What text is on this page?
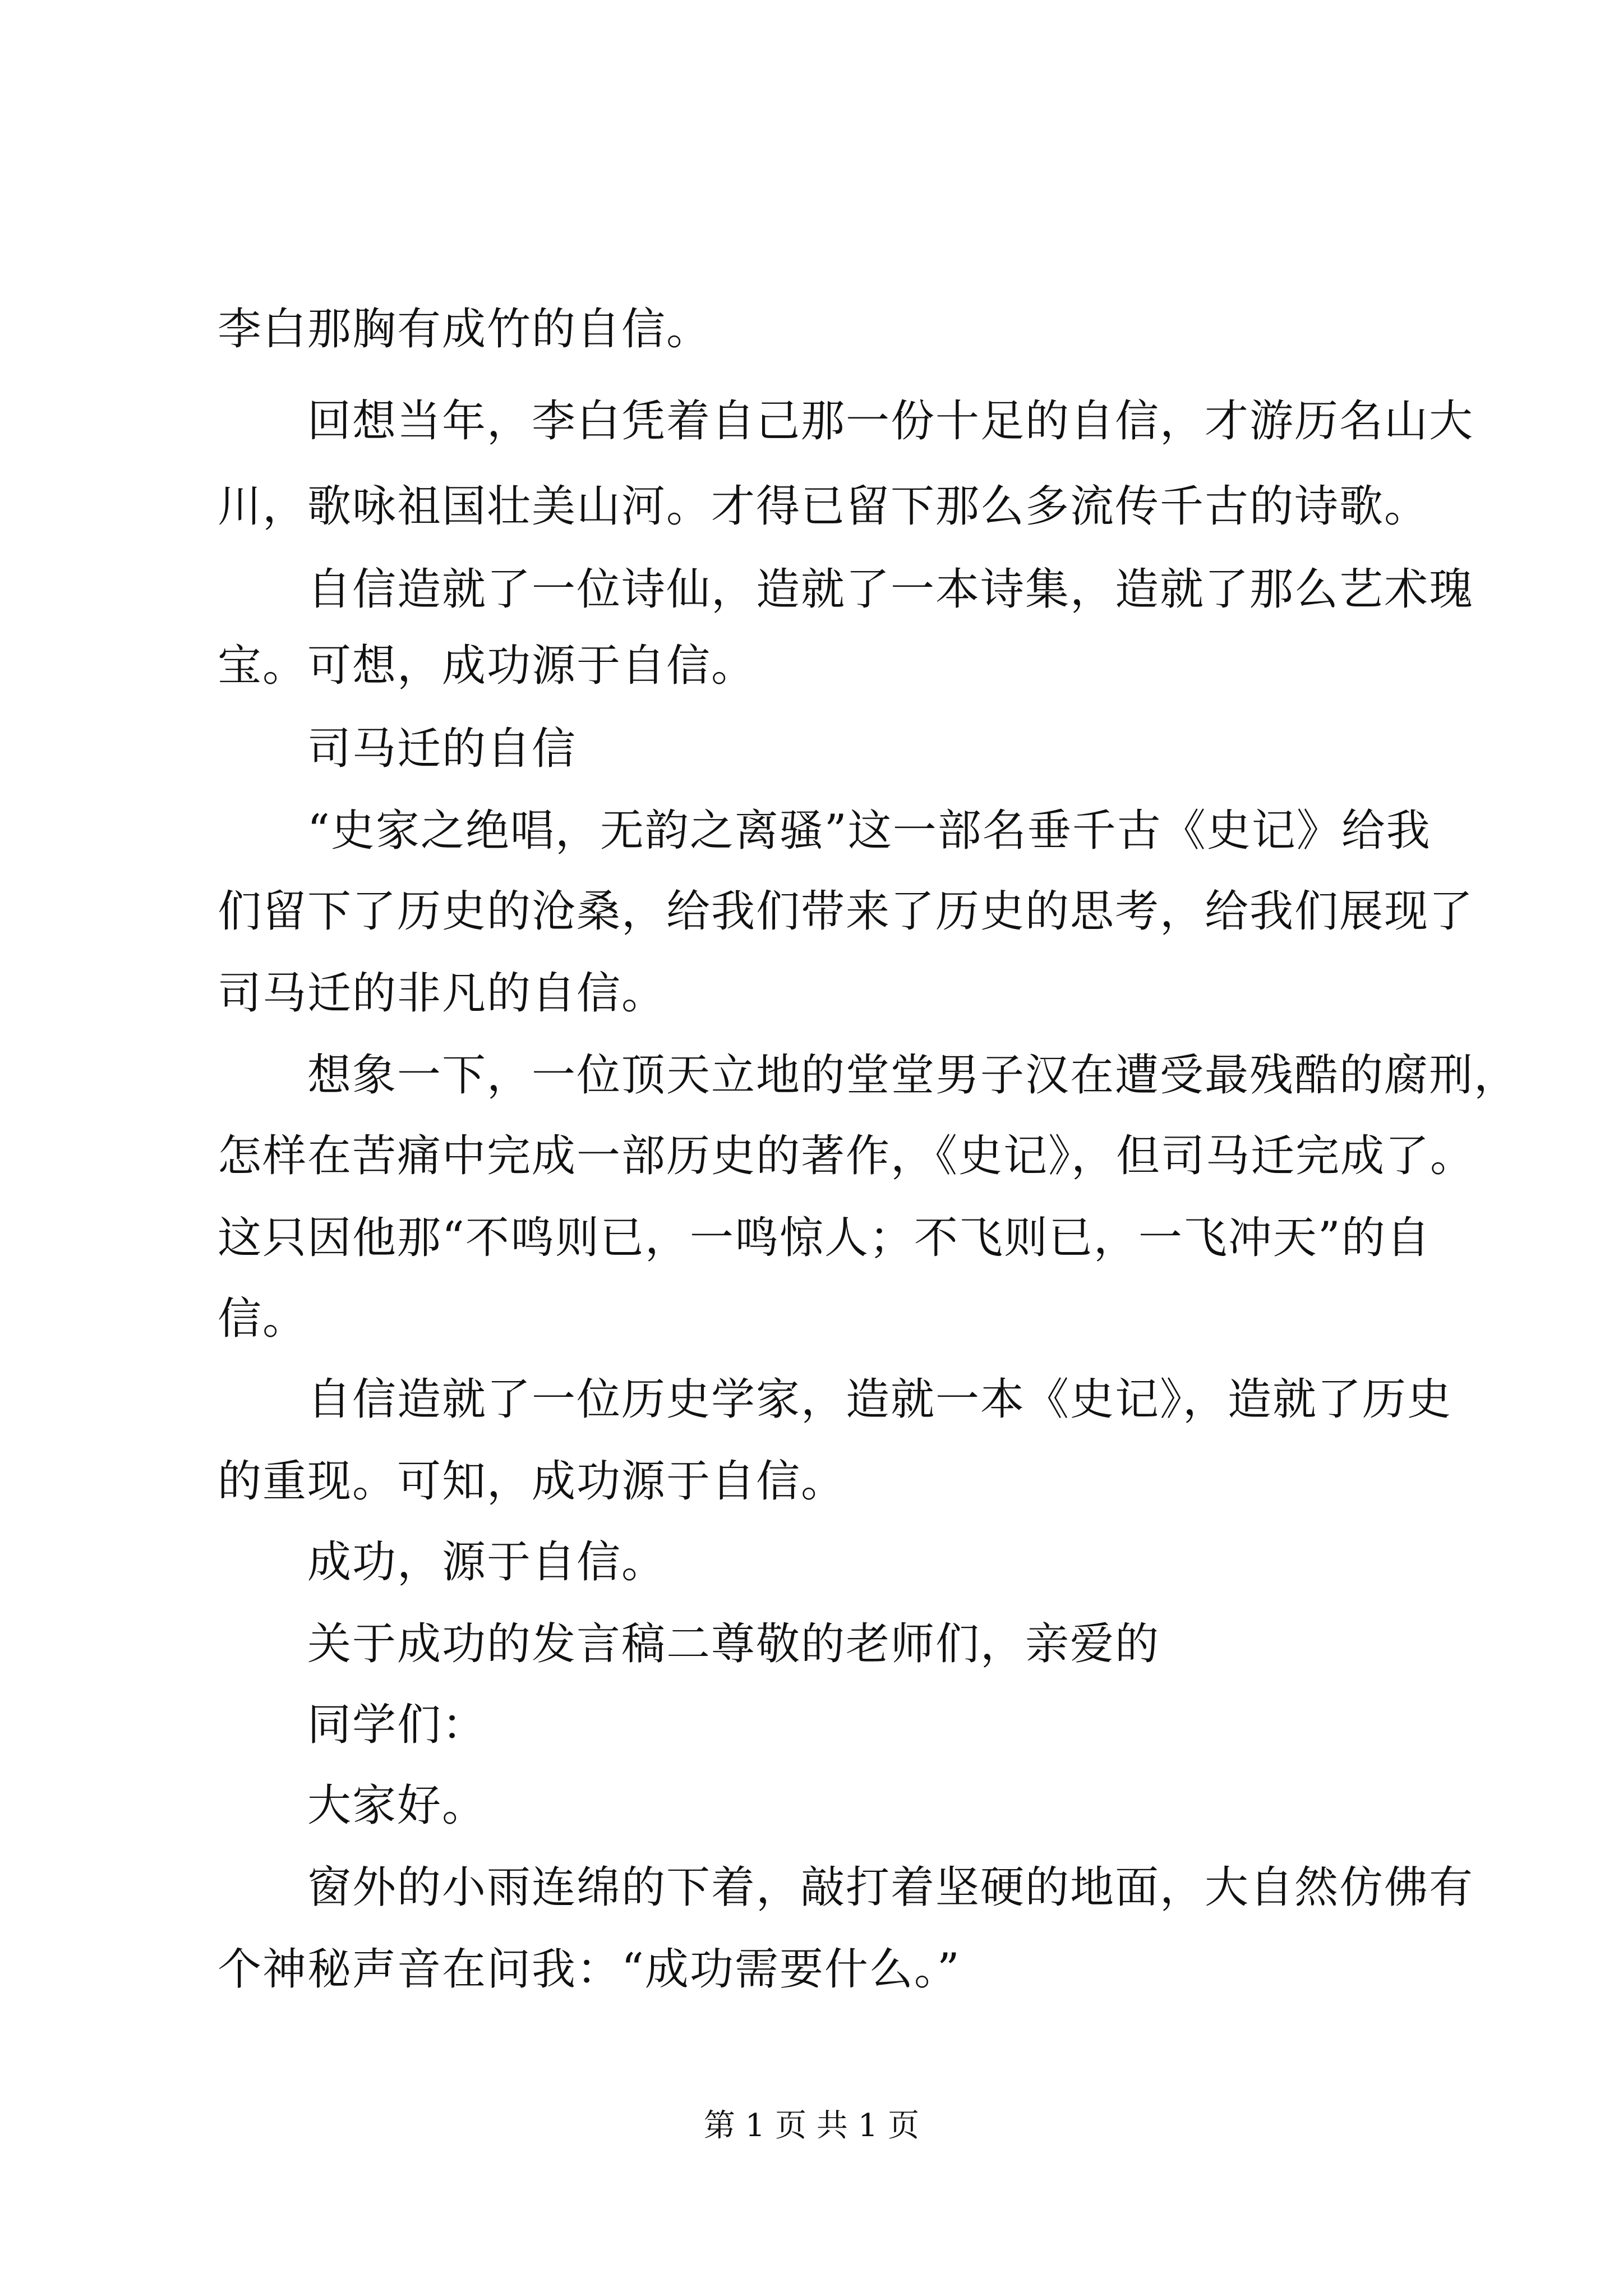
李白那胸有成竹的自信。
回想当年，李白凭着自己那一份十足的自信，才游历名山大
川，歌咏祖国壮美山河。才得已留下那么多流传千古的诗歌。
自信造就了一位诗仙，造就了一本诗集，造就了那么艺术瑰
宝。可想，成功源于自信。
司马迁的自信
“史家之绝唱，无韵之离骚”这一部名垂千古《史记》给我
们留下了历史的沧桑，给我们带来了历史的思考，给我们展现了
司马迁的非凡的自信。
想象一下，一位顶天立地的堂堂男子汉在遭受最残酷的腐刑，
怎样在苦痛中完成一部历史的著作，《史记》，但司马迁完成了。
这只因他那“不鸣则已，一鸣惊人；不飞则已，一飞冲天”的自
信。
自信造就了一位历史学家，造就一本《史记》，造就了历史
的重现。可知，成功源于自信。
成功，源于自信。
关于成功的发言稿二尊敬的老师们，亲爱的
同学们：
大家好。
窗外的小雨连绵的下着，敲打着坚硬的地面，大自然仿佛有
个神秘声音在问我：“成功需要什么。”
第 1 页 共 1 页
